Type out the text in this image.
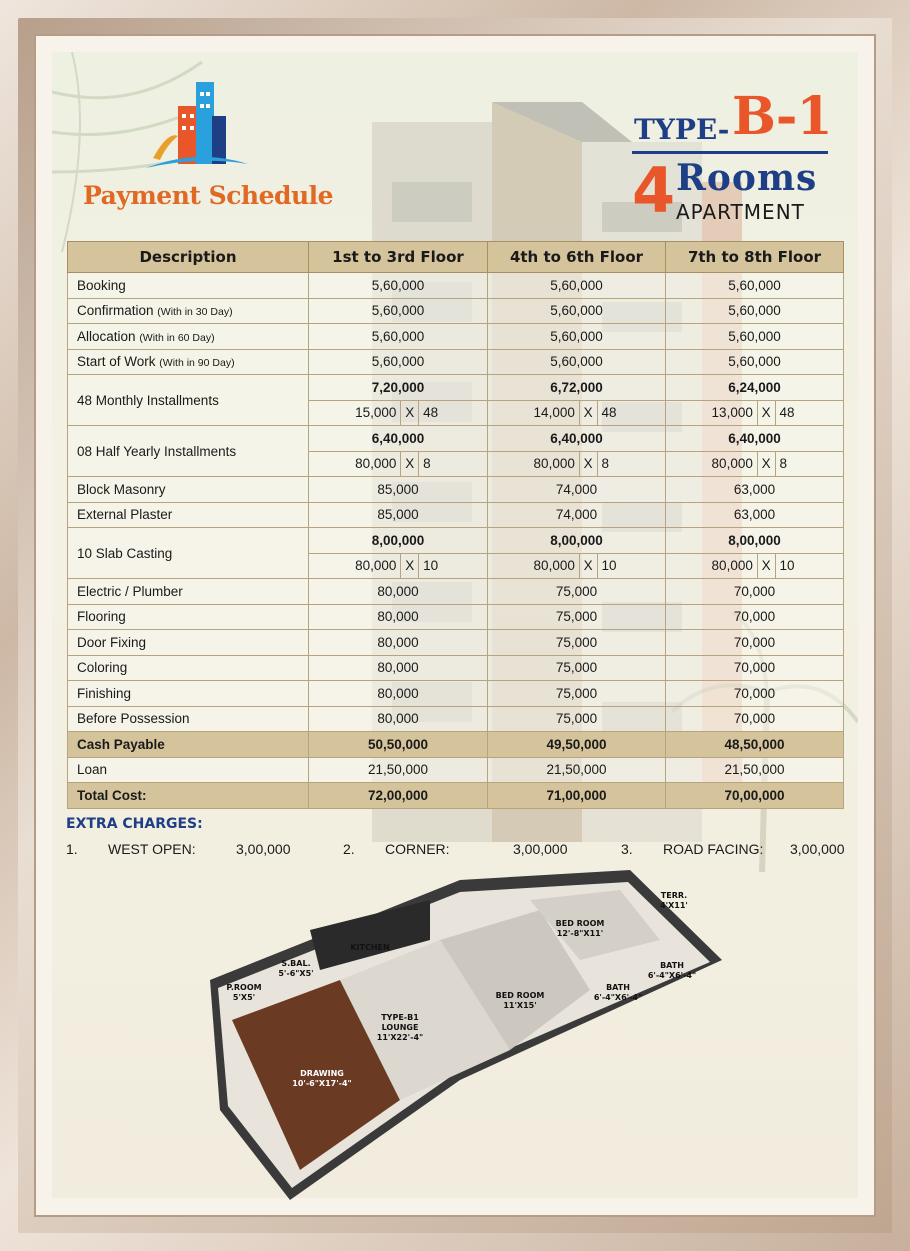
Payment Schedule
TYPE- B-1
4 Rooms
APARTMENT
Description	1st to 3rd Floor	4th to 6th Floor	7th to 8th Floor
Booking	5,60,000	5,60,000	5,60,000
Confirmation (With in 30 Day)	5,60,000	5,60,000	5,60,000
Allocation (With in 60 Day)	5,60,000	5,60,000	5,60,000
Start of Work (With in 90 Day)	5,60,000	5,60,000	5,60,000
48 Monthly Installments	7,20,000	6,72,000	6,24,000

15,000 X 48	14,000 X 48	13,000 X 48

08 Half Yearly Installments	6,40,000	6,40,000	6,40,000

80,000 X 8	80,000 X 8	80,000 X 8

Block Masonry	85,000	74,000	63,000
External Plaster	85,000	74,000	63,000
10 Slab Casting	8,00,000	8,00,000	8,00,000

80,000 X 10	80,000 X 10	80,000 X 10

Electric / Plumber	80,000	75,000	70,000
Flooring	80,000	75,000	70,000
Door Fixing	80,000	75,000	70,000
Coloring	80,000	75,000	70,000
Finishing	80,000	75,000	70,000
Before Possession	80,000	75,000	70,000
Cash Payable	50,50,000	49,50,000	48,50,000
Loan	21,50,000	21,50,000	21,50,000
Total Cost:	72,00,000	71,00,000	70,00,000
EXTRA CHARGES:
1. WEST OPEN:	3,00,000	2. CORNER:	3,00,000	3. ROAD FACING: 3,00,000
TERR.
4'X11'
BED ROOM
12'-8"X11'
KITCHEN
BATH
6'-4"X6'-4"
S.BAL.
5'-6"X5'
P.ROOM
5'X5'	BED ROOM
11'X15'
BATH
6'-4"X6'-4"
TYPE-B1
LOUNGE
11'X22'-4"
DRAWING
10'-6"X17'-4"
